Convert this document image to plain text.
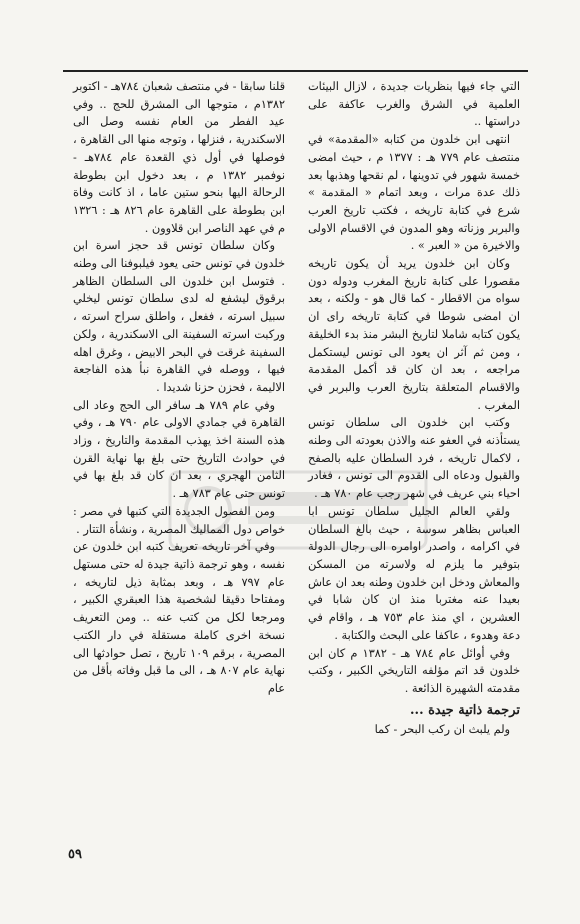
التي جاء فيها بنظريات جديدة ، لازال البيئات العلمية في الشرق والغرب عاكفة على دراستها ..

انتهى ابن خلدون من كتابه «المقدمة» في منتصف عام ٧٧٩ هـ : ١٣٧٧ م ، حيث امضى خمسة شهور في تدوينها ، لم نقحها وهذبها بعد ذلك عدة مرات ، وبعد اتمام « المقدمة » شرع في كتابة تاريخه ، فكتب تاريخ العرب والبربر وزناته وهو المدون في الاقسام الاولى والاخيرة من « العبر » .

وكان ابن خلدون يريد أن يكون تاريخه مقصورا على كتابة تاريخ المغرب ودوله دون سواه من الاقطار - كما قال هو - ولكنه ، بعد ان امضى شوطا في كتابة تاريخه راى ان يكون كتابه شاملا لتاريخ البشر منذ بدء الخليقة ، ومن ثم آثر ان يعود الى تونس ليستكمل مراجعه ، بعد ان كان قد أكمل المقدمة والاقسام المتعلقة بتاريخ العرب والبربر في المغرب .

وكتب ابن خلدون الى سلطان تونس يستأذنه في العفو عنه والاذن بعودته الى وطنه ، لاكمال تاريخه ، فرد السلطان عليه بالصفح والقبول ودعاه الى القدوم الى تونس ، فغادر احياء بني عريف في شهر رجب عام ٧٨٠ هـ .

ولقي العالم الجليل سلطان تونس ابا العباس بظاهر سوسة ، حيث بالغ السلطان في اكرامه ، واصدر اوامره الى رجال الدولة بتوفير ما يلزم له ولاسرته من المسكن والمعاش ودخل ابن خلدون وطنه بعد ان عاش بعيدا عنه مغتربا منذ ان كان شابا في العشرين ، اي منذ عام ٧٥٣ هـ ، واقام في دعة وهدوء ، عاكفا على البحث والكتابة .

وفي أوائل عام ٧٨٤ هـ - ١٣٨٢ م كان ابن خلدون قد اتم مؤلفه التاريخي الكبير ، وكتب مقدمته الشهيرة الذائعة .

ترجمة ذاتية جيدة ...

ولم يلبث ان ركب البحر - كما

قلنا سابقا - في منتصف شعبان ٧٨٤هـ - اكتوبر ١٣٨٢م ، متوجها الى المشرق للحج .. وفي عيد الفطر من العام نفسه وصل الى الاسكندرية ، فنزلها ، وتوجه منها الى القاهرة ، فوصلها في أول ذي القعدة عام ٧٨٤هـ - نوفمبر ١٣٨٢ م ، بعد دخول ابن بطوطة الرحالة اليها بنحو ستين عاما ، اذ كانت وفاة ابن بطوطة على القاهرة عام ٨٢٦ هـ : ١٣٢٦ م في عهد الناصر ابن قلاوون .

وكان سلطان تونس قد حجز اسرة ابن خلدون في تونس حتى يعود فيلبوفنا الى وطنه . فتوسل ابن خلدون الى السلطان الظاهر برقوق ليشفع له لدى سلطان تونس ليخلي سبيل اسرته ، ففعل ، واطلق سراح اسرته ، وركبت اسرته السفينة الى الاسكندرية ، ولكن السفينة غرقت في البحر الابيض ، وغرق اهله فيها ، ووصله في القاهرة نبأ هذه الفاجعة الاليمة ، فحزن حزنا شديدا .

وفي عام ٧٨٩ هـ سافر الى الحج وعاد الى القاهرة في جمادي الاولى عام ٧٩٠ هـ ، وفي هذه السنة اخذ يهذب المقدمة والتاريخ ، وزاد في حوادث التاريخ حتى بلغ بها نهاية القرن الثامن الهجري ، بعد ان كان قد بلغ بها في تونس حتى عام ٧٨٣ هـ .

ومن الفصول الجديدة التي كتبها في مصر : خواص دول المماليك المصرية ، ونشأة التتار .

وفي آخر تاريخه تعريف كتبه ابن خلدون عن نفسه ، وهو ترجمة ذاتية جيدة له حتى مستهل عام ٧٩٧ هـ ، وبعد بمثابة ذيل لتاريخه ، ومفتاحا دقيقا لشخصية هذا العبقري الكبير ، ومرجعا لكل من كتب عنه .. ومن التعريف نسخة اخرى كاملة مستقلة في دار الكتب المصرية ، برقم ١٠٩ تاريخ ، تصل حوادثها الى نهاية عام ٨٠٧ هـ ، الى ما قبل وفاته بأقل من عام

٥٩
